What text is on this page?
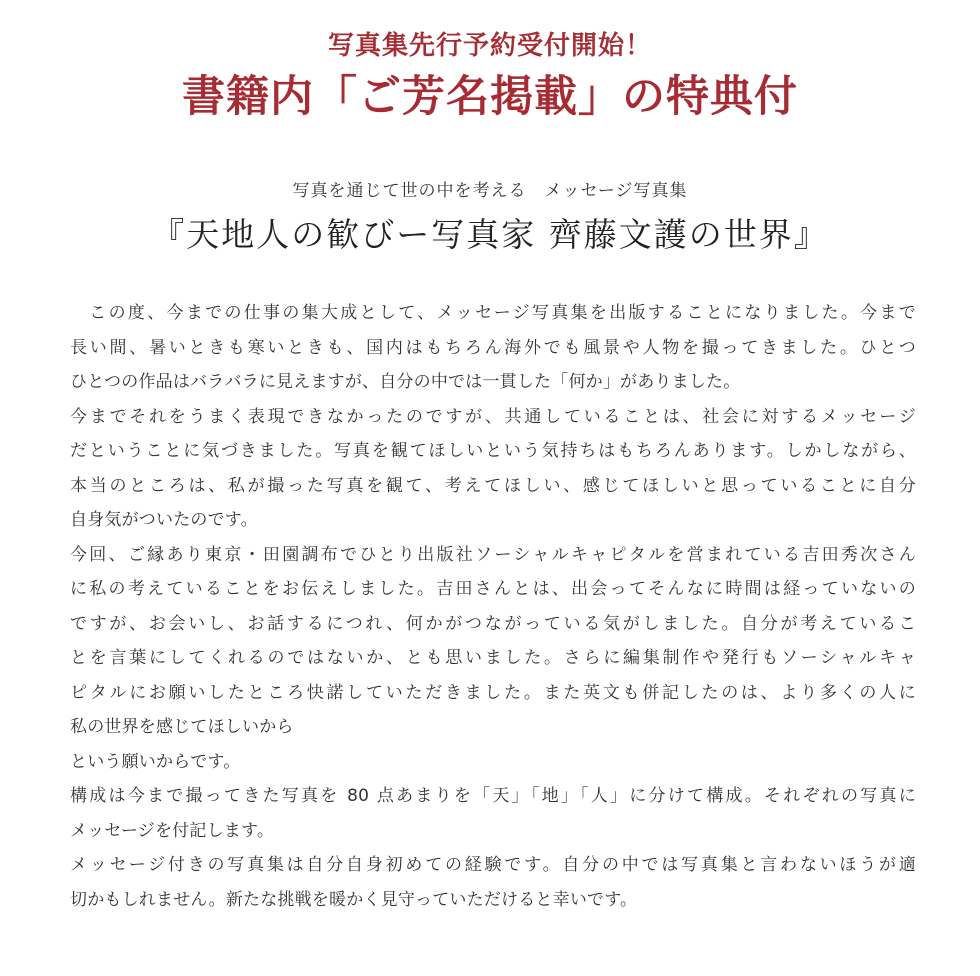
写真集先行予約受付開始！
書籍内「ご芳名掲載」の特典付
写真を通じて世の中を考える　メッセージ写真集
『天地人の歓びー写真家 齊藤文護の世界』
　この度、今までの仕事の集大成として、メッセージ写真集を出版することになりました。今まで
長い間、暑いときも寒いときも、国内はもちろん海外でも風景や人物を撮ってきました。ひとつ
ひとつの作品はバラバラに見えますが、自分の中では一貫した「何か」がありました。
今までそれをうまく表現できなかったのですが、共通していることは、社会に対するメッセージ
だということに気づきました。写真を観てほしいという気持ちはもちろんあります。しかしながら、
本当のところは、私が撮った写真を観て、考えてほしい、感じてほしいと思っていることに自分
自身気がついたのです。
今回、ご縁あり東京・田園調布でひとり出版社ソーシャルキャピタルを営まれている吉田秀次さん
に私の考えていることをお伝えしました。吉田さんとは、出会ってそんなに時間は経っていないの
ですが、お会いし、お話するにつれ、何かがつながっている気がしました。自分が考えているこ
とを言葉にしてくれるのではないか、とも思いました。さらに編集制作や発行もソーシャルキャ
ピタルにお願いしたところ快諾していただきました。また英文も併記したのは、より多くの人に
私の世界を感じてほしいから
という願いからです。
構成は今まで撮ってきた写真を 80 点あまりを「天」「地」「人」に分けて構成。それぞれの写真に
メッセージを付記します。
メッセージ付きの写真集は自分自身初めての経験です。自分の中では写真集と言わないほうが適
切かもしれません。新たな挑戦を暖かく見守っていただけると幸いです。
